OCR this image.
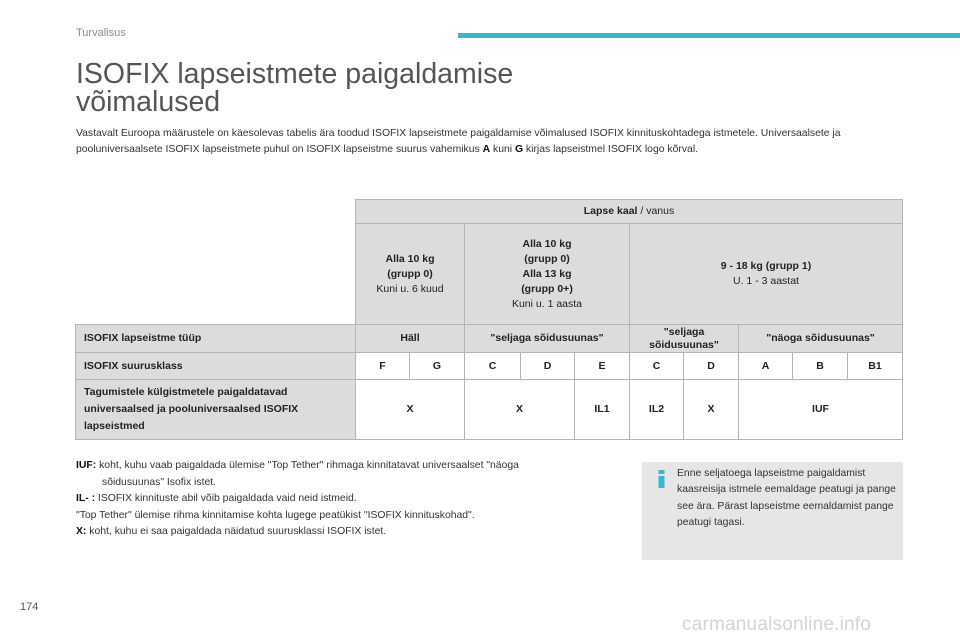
Turvalisus
ISOFIX lapseistmete paigaldamise
võimalused
Vastavalt Euroopa määrustele on käesolevas tabelis ära toodud ISOFIX lapseistmete paigaldamise võimalused ISOFIX kinnituskohtadega istmetele. Universaalsete ja pooluniversaalsete ISOFIX lapseistmete puhul on ISOFIX lapseistme suurus vahemikus A kuni G kirjas lapseistmel ISOFIX logo kõrval.
	Lapse kaal / vanus									
	Alla 10 kg
(grupp 0)
Kuni u. 6 kuud		Alla 10 kg
(grupp 0)
Alla 13 kg
(grupp 0+)
Kuni u. 1 aasta			9 - 18 kg (grupp 1)
U. 1 - 3 aastat				
ISOFIX lapseistme tüüp	Häll		"seljaga sõidusuunas"			"seljaga sõidusuunas"		"näoga sõidusuunas"		
ISOFIX suurusklass	F	G	C	D	E	C	D	A	B	B1
Tagumistele külgistmetele paigaldatavad universaalsed ja pooluniversaalsed ISOFIX lapseistmed	X		X		IL1	IL2	X	IUF		

IUF: koht, kuhu vaab paigaldada ülemise "Top Tether" rihmaga kinnitatavat universaalset "näoga

sõidusuunas" Isofix istet.

IL- : ISOFIX kinnituste abil võib paigaldada vaid neid istmeid.

"Top Tether" ülemise rihma kinnitamise kohta lugege peatükist "ISOFIX kinnituskohad".

X: koht, kuhu ei saa paigaldada näidatud suurusklassi ISOFIX istet.

Enne seljatoega lapseistme paigaldamist kaasreisija istmele eemaldage peatugi ja pange see ära. Pärast lapseistme eemaldamist pange peatugi tagasi.
174
carmanualsonline.info
